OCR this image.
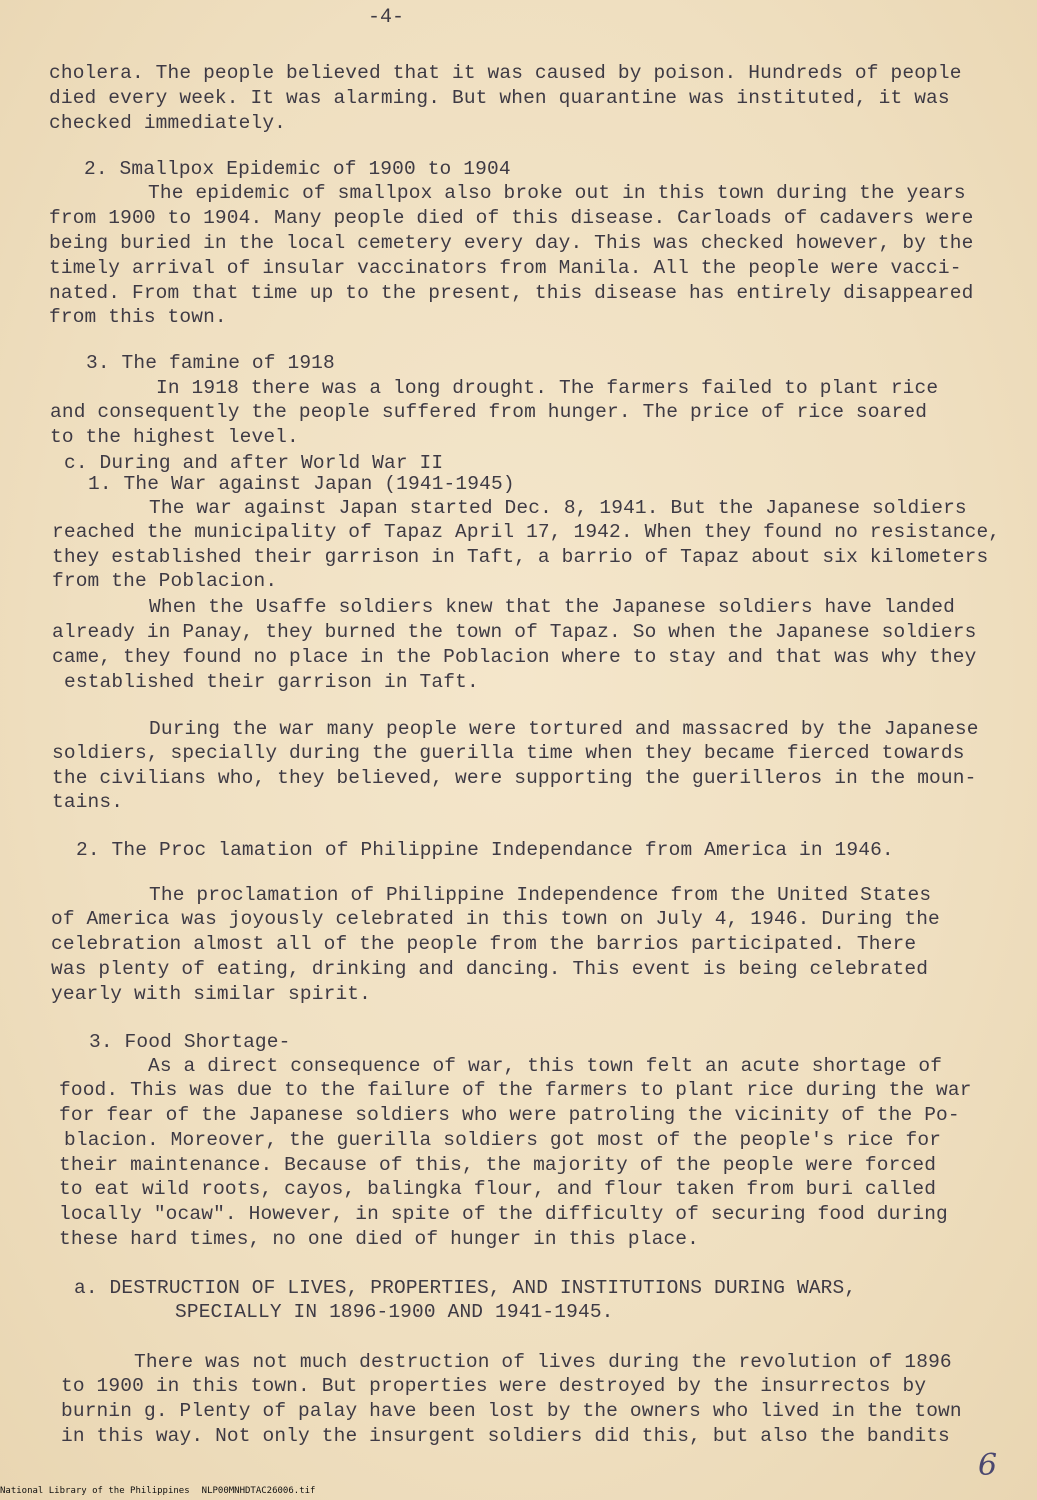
-4-
cholera. The people believed that it was caused by poison. Hundreds of people
died every week. It was alarming. But when quarantine was instituted, it was
checked immediately.
2. Smallpox Epidemic of 1900 to 1904
The epidemic of smallpox also broke out in this town during the years
from 1900 to 1904. Many people died of this disease. Carloads of cadavers were
being buried in the local cemetery every day. This was checked however, by the
timely arrival of insular vaccinators from Manila. All the people were vacci-
nated. From that time up to the present, this disease has entirely disappeared
from this town.
3. The famine of 1918
In 1918 there was a long drought. The farmers failed to plant rice
and consequently the people suffered from hunger. The price of rice soared
to the highest level.
c. During and after World War II
1. The War against Japan (1941-1945)
The war against Japan started Dec. 8, 1941. But the Japanese soldiers
reached the municipality of Tapaz April 17, 1942. When they found no resistance,
they established their garrison in Taft, a barrio of Tapaz about six kilometers
from the Poblacion.
When the Usaffe soldiers knew that the Japanese soldiers have landed
already in Panay, they burned the town of Tapaz. So when the Japanese soldiers
came, they found no place in the Poblacion where to stay and that was why they
established their garrison in Taft.
During the war many people were tortured and massacred by the Japanese
soldiers, specially during the guerilla time when they became fierced towards
the civilians who, they believed, were supporting the guerilleros in the moun-
tains.
2. The Proc lamation of Philippine Independance from America in 1946.
The proclamation of Philippine Independence from the United States
of America was joyously celebrated in this town on July 4, 1946. During the
celebration almost all of the people from the barrios participated. There
was plenty of eating, drinking and dancing. This event is being celebrated
yearly with similar spirit.
3. Food Shortage-
As a direct consequence of war, this town felt an acute shortage of
food. This was due to the failure of the farmers to plant rice during the war
for fear of the Japanese soldiers who were patroling the vicinity of the Po-
blacion. Moreover, the guerilla soldiers got most of the people's rice for
their maintenance. Because of this, the majority of the people were forced
to eat wild roots, cayos, balingka flour, and flour taken from buri called
locally "ocaw". However, in spite of the difficulty of securing food during
these hard times, no one died of hunger in this place.
a. DESTRUCTION OF LIVES, PROPERTIES, AND INSTITUTIONS DURING WARS,
SPECIALLY IN 1896-1900 AND 1941-1945.
There was not much destruction of lives during the revolution of 1896
to 1900 in this town. But properties were destroyed by the insurrectos by
burnin g. Plenty of palay have been lost by the owners who lived in the town
in this way. Not only the insurgent soldiers did this, but also the bandits
6
National Library of the Philippines NLP00MNHDTAC26006.tif
